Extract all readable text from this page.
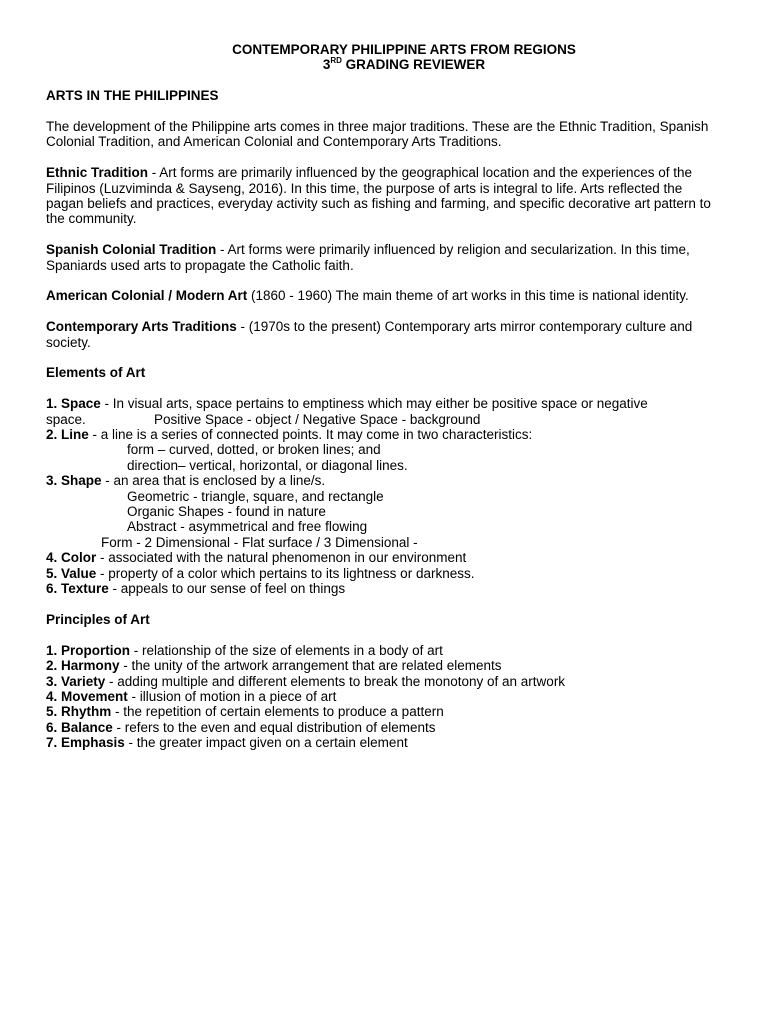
CONTEMPORARY PHILIPPINE ARTS FROM REGIONS

3RD GRADING REVIEWER

ARTS IN THE PHILIPPINES

The development of the Philippine arts comes in three major traditions. These are the Ethnic Tradition, Spanish Colonial Tradition, and American Colonial and Contemporary Arts Traditions.

Ethnic Tradition - Art forms are primarily influenced by the geographical location and the experiences of the Filipinos (Luzviminda & Sayseng, 2016). In this time, the purpose of arts is integral to life. Arts reflected the pagan beliefs and practices, everyday activity such as fishing and farming, and specific decorative art pattern to the community.

Spanish Colonial Tradition - Art forms were primarily influenced by religion and secularization. In this time, Spaniards used arts to propagate the Catholic faith.

American Colonial / Modern Art (1860 - 1960) The main theme of art works in this time is national identity.

Contemporary Arts Traditions - (1970s to the present) Contemporary arts mirror contemporary culture and society.

Elements of Art

1. Space - In visual arts, space pertains to emptiness which may either be positive space or negative

space.	Positive Space - object / Negative Space - background

2. Line - a line is a series of connected points. It may come in two characteristics:

form – curved, dotted, or broken lines; and

direction– vertical, horizontal, or diagonal lines.

3. Shape - an area that is enclosed by a line/s.

Geometric - triangle, square, and rectangle

Organic Shapes - found in nature

Abstract - asymmetrical and free flowing

Form - 2 Dimensional - Flat surface / 3 Dimensional -

4. Color - associated with the natural phenomenon in our environment

5. Value - property of a color which pertains to its lightness or darkness.

6. Texture - appeals to our sense of feel on things

Principles of Art

1. Proportion - relationship of the size of elements in a body of art

2. Harmony - the unity of the artwork arrangement that are related elements

3. Variety - adding multiple and different elements to break the monotony of an artwork

4. Movement - illusion of motion in a piece of art

5. Rhythm - the repetition of certain elements to produce a pattern

6. Balance - refers to the even and equal distribution of elements

7. Emphasis - the greater impact given on a certain element
